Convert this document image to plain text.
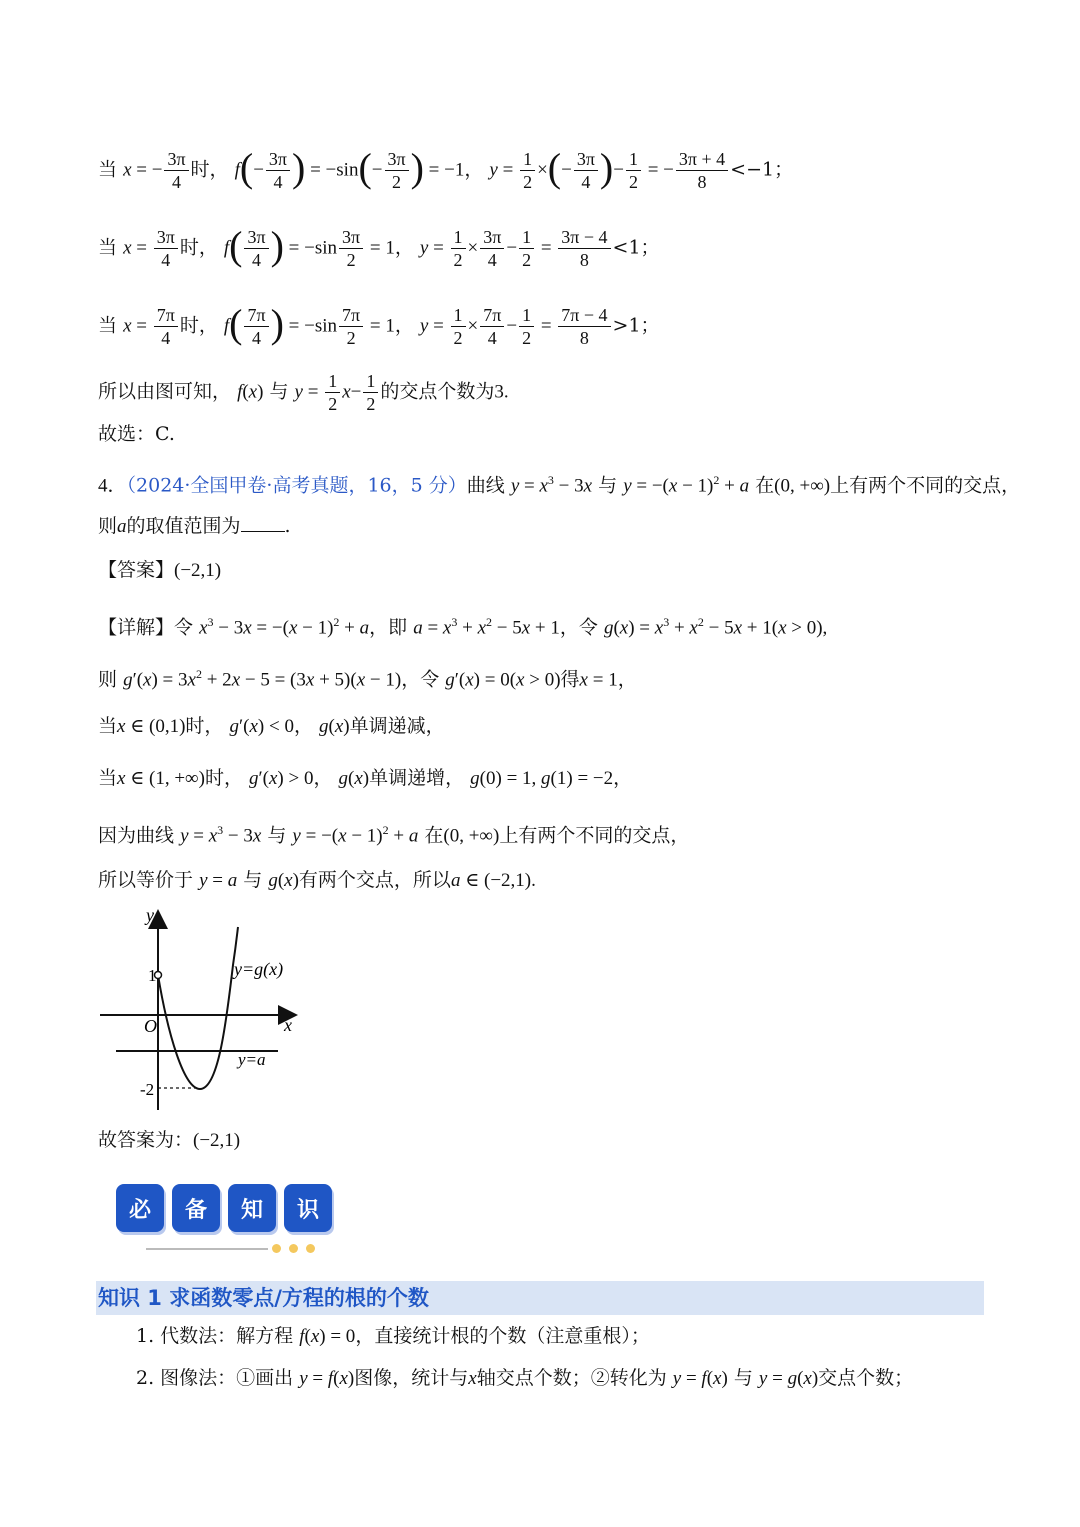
当 x = − $\frac{3\pi}{4}$ 时， $f(- \frac{3\pi}{4}$ ) = $-\sin(- \frac{3\pi}{2}$ ) = −1， $y = \frac{1}{2}$ ×(− $\frac{3\pi}{4}$ )− $\frac{1}{2}$ = − $\frac{3\pi + 4}{8} <-1$；
当 $x = \frac{3\pi}{4}$ 时， $f( \frac{3\pi}{4}$ ) = $-\sin \frac{3\pi}{2} = 1$， $y = \frac{1}{2} \times \frac{3\pi}{4} - \frac{1}{2} = \frac{3\pi - 4}{8} <1$；
当 $x = \frac{7\pi}{4}$ 时， $f( \frac{7\pi}{4}$ ) = $-\sin \frac{7\pi}{2} = 1$， $y = \frac{1}{2} \times \frac{7\pi}{4} - \frac{1}{2} = \frac{7\pi - 4}{8} >1$；
所以由图可知， f(x) 与 $y = \frac{1}{2} x- \frac{1}{2}$ 的交点个数为3.
故选：C.
4．（2024·全国甲卷·高考真题，16，5 分）曲线 $y = x^3 - 3x$ 与 $y = -(x - 1)^2 + a$ 在(0, +∞)上有两个不同的交点，
则a的取值范围为 .
【答案】(−2,1)
【详解】令 $x^3 - 3x = -(x - 1)^2 + a$，即 $a = x^3 + x^2 - 5x + 1$，令 $g(x) = x^3 + x^2 - 5x + 1(x > 0)$,
则 $g'(x) = 3x^2 + 2x - 5 = (3x + 5)(x - 1)$，令 g′(x) = 0(x > 0)得x = 1，
当x ∈ (0,1)时， g′(x) < 0， g(x)单调递减，
当x ∈ (1, +∞)时， g′(x) > 0， g(x)单调递增， g(0) = 1, g(1) = −2，
因为曲线 $y = x^3 - 3x$ 与 $y = -(x - 1)^2 + a$ 在(0, +∞)上有两个不同的交点，
所以等价于 y = a 与 g(x)有两个交点，所以a ∈ (−2,1).
y
x
O
1
-2
y=g(x)
y=a
故答案为：(−2,1)
必	备	知	识
知识 1 求函数零点/方程的根的个数
1. 代数法：解方程 f(x) = 0，直接统计根的个数（注意重根）；
2. 图像法：①画出 y = f(x)图像，统计与x轴交点个数；②转化为 y = f(x) 与 y = g(x)交点个数；
